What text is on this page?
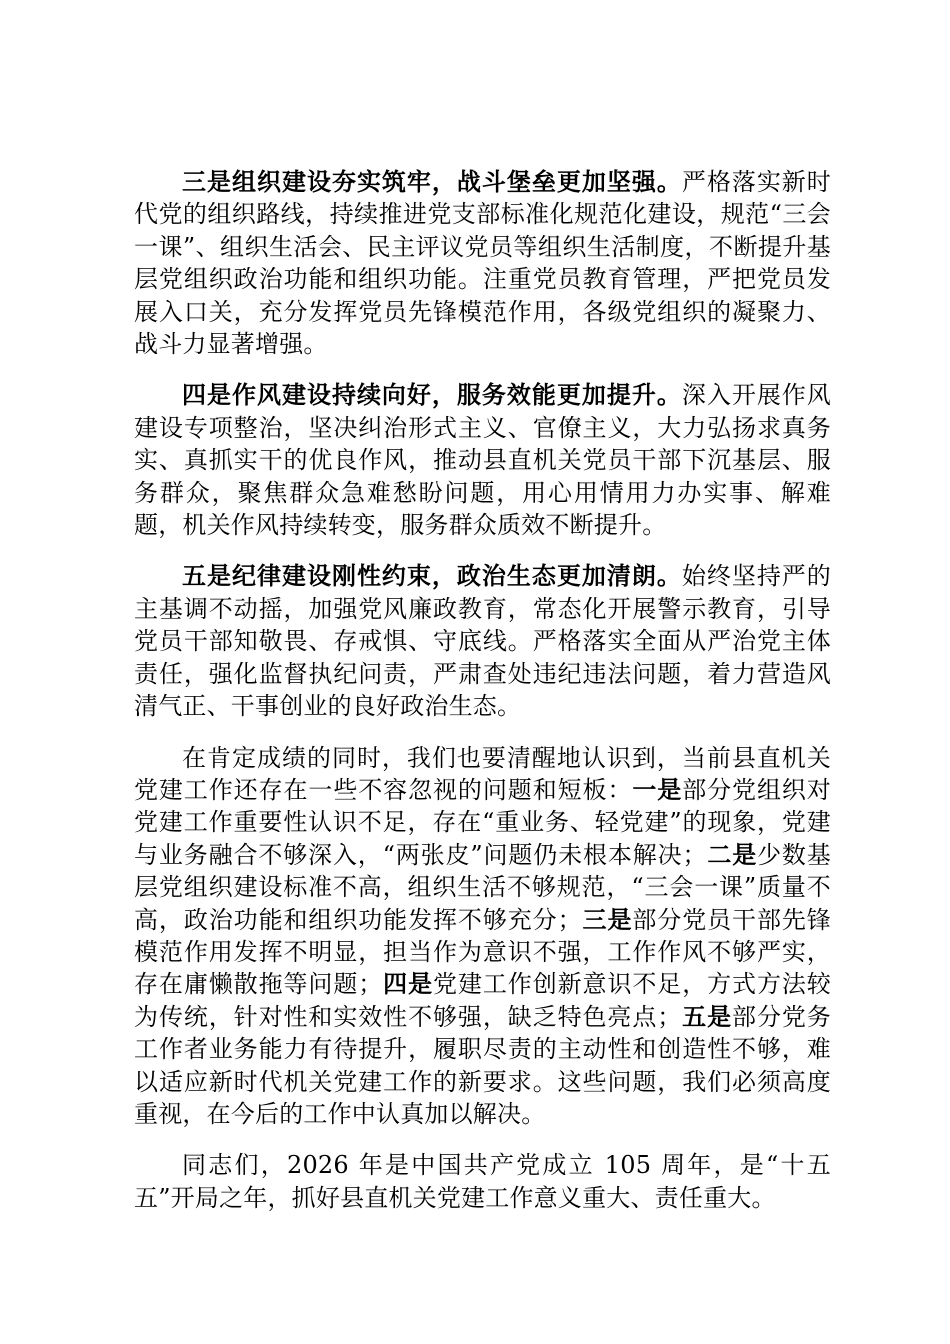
三是组织建设夯实筑牢，战斗堡垒更加坚强。严格落实新时代党的组织路线，持续推进党支部标准化规范化建设，规范“三会一课”、组织生活会、民主评议党员等组织生活制度，不断提升基层党组织政治功能和组织功能。注重党员教育管理，严把党员发展入口关，充分发挥党员先锋模范作用，各级党组织的凝聚力、战斗力显著增强。

四是作风建设持续向好，服务效能更加提升。深入开展作风建设专项整治，坚决纠治形式主义、官僚主义，大力弘扬求真务实、真抓实干的优良作风，推动县直机关党员干部下沉基层、服务群众，聚焦群众急难愁盼问题，用心用情用力办实事、解难题，机关作风持续转变，服务群众质效不断提升。

五是纪律建设刚性约束，政治生态更加清朗。始终坚持严的主基调不动摇，加强党风廉政教育，常态化开展警示教育，引导党员干部知敬畏、存戒惧、守底线。严格落实全面从严治党主体责任，强化监督执纪问责，严肃查处违纪违法问题，着力营造风清气正、干事创业的良好政治生态。

在肯定成绩的同时，我们也要清醒地认识到，当前县直机关党建工作还存在一些不容忽视的问题和短板：一是部分党组织对党建工作重要性认识不足，存在“重业务、轻党建”的现象，党建与业务融合不够深入，“两张皮”问题仍未根本解决；二是少数基层党组织建设标准不高，组织生活不够规范，“三会一课”质量不高，政治功能和组织功能发挥不够充分；三是部分党员干部先锋模范作用发挥不明显，担当作为意识不强，工作作风不够严实，存在庸懒散拖等问题；四是党建工作创新意识不足，方式方法较为传统，针对性和实效性不够强，缺乏特色亮点；五是部分党务工作者业务能力有待提升，履职尽责的主动性和创造性不够，难以适应新时代机关党建工作的新要求。这些问题，我们必须高度重视，在今后的工作中认真加以解决。

同志们，2026 年是中国共产党成立 105 周年，是“十五五”开局之年，抓好县直机关党建工作意义重大、责任重大。
